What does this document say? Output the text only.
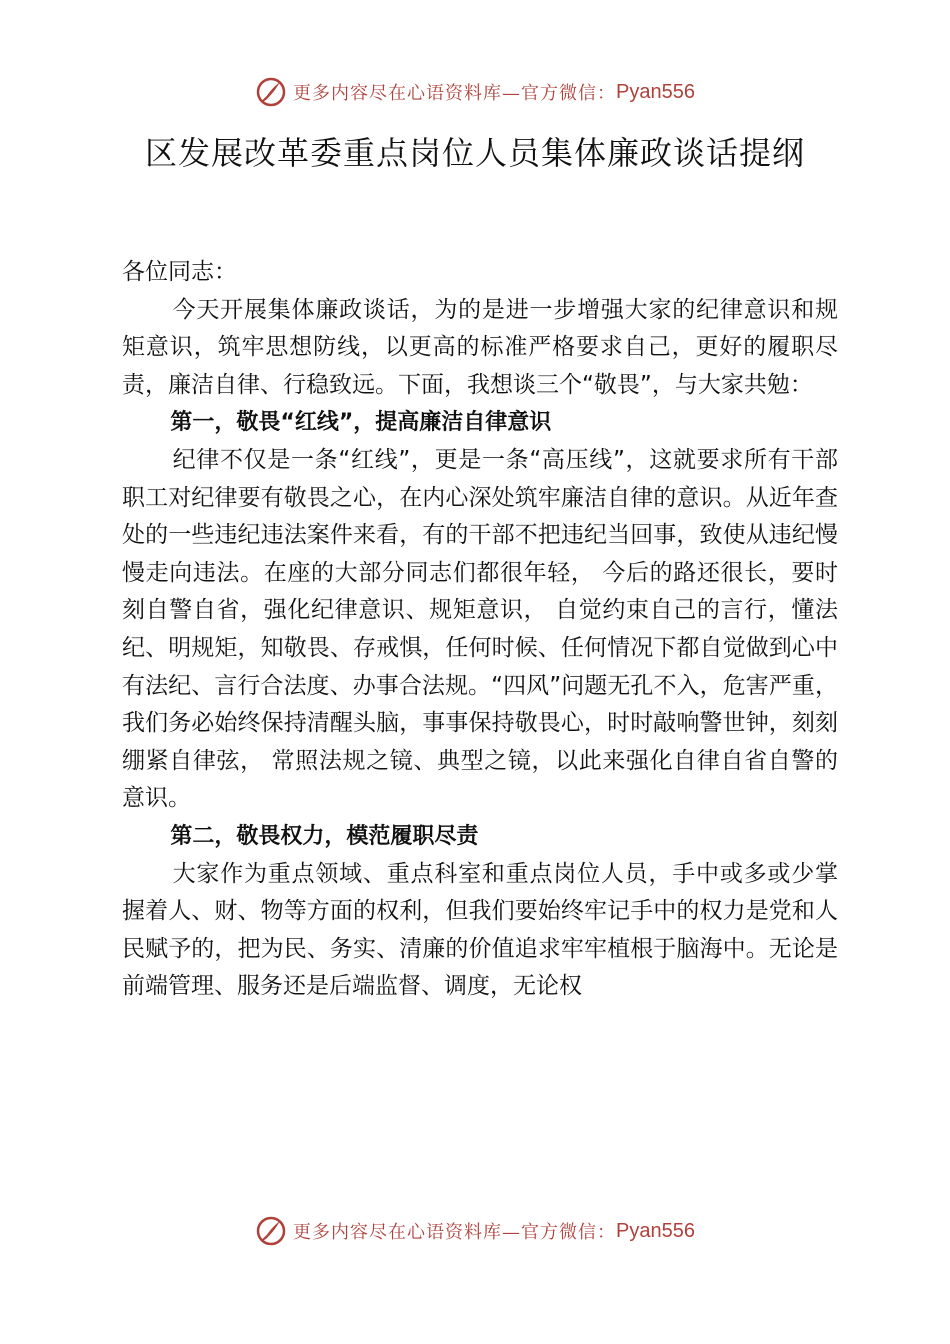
更多内容尽在心语资料库—官方微信： Pyan556
区发展改革委重点岗位人员集体廉政谈话提纲

各位同志：

今天开展集体廉政谈话，为的是进一步增强大家的纪律意识和规矩意识，筑牢思想防线，以更高的标准严格要求自己，更好的履职尽责，廉洁自律、行稳致远。下面，我想谈三个“敬畏”，与大家共勉：

第一，敬畏“红线”，提高廉洁自律意识

纪律不仅是一条“红线”，更是一条“高压线”，这就要求所有干部职工对纪律要有敬畏之心，在内心深处筑牢廉洁自律的意识。从近年查处的一些违纪违法案件来看，有的干部不把违纪当回事，致使从违纪慢慢走向违法。在座的大部分同志们都很年轻， 今后的路还很长，要时刻自警自省，强化纪律意识、规矩意识， 自觉约束自己的言行，懂法纪、明规矩，知敬畏、存戒惧，任何时候、任何情况下都自觉做到心中有法纪、言行合法度、办事合法规。“四风”问题无孔不入，危害严重，我们务必始终保持清醒头脑，事事保持敬畏心，时时敲响警世钟，刻刻绷紧自律弦， 常照法规之镜、典型之镜，以此来强化自律自省自警的意识。

第二，敬畏权力，模范履职尽责

大家作为重点领域、重点科室和重点岗位人员，手中或多或少掌握着人、财、物等方面的权利，但我们要始终牢记手中的权力是党和人民赋予的，把为民、务实、清廉的价值追求牢牢植根于脑海中。无论是前端管理、服务还是后端监督、调度，无论权

更多内容尽在心语资料库—官方微信： Pyan556
